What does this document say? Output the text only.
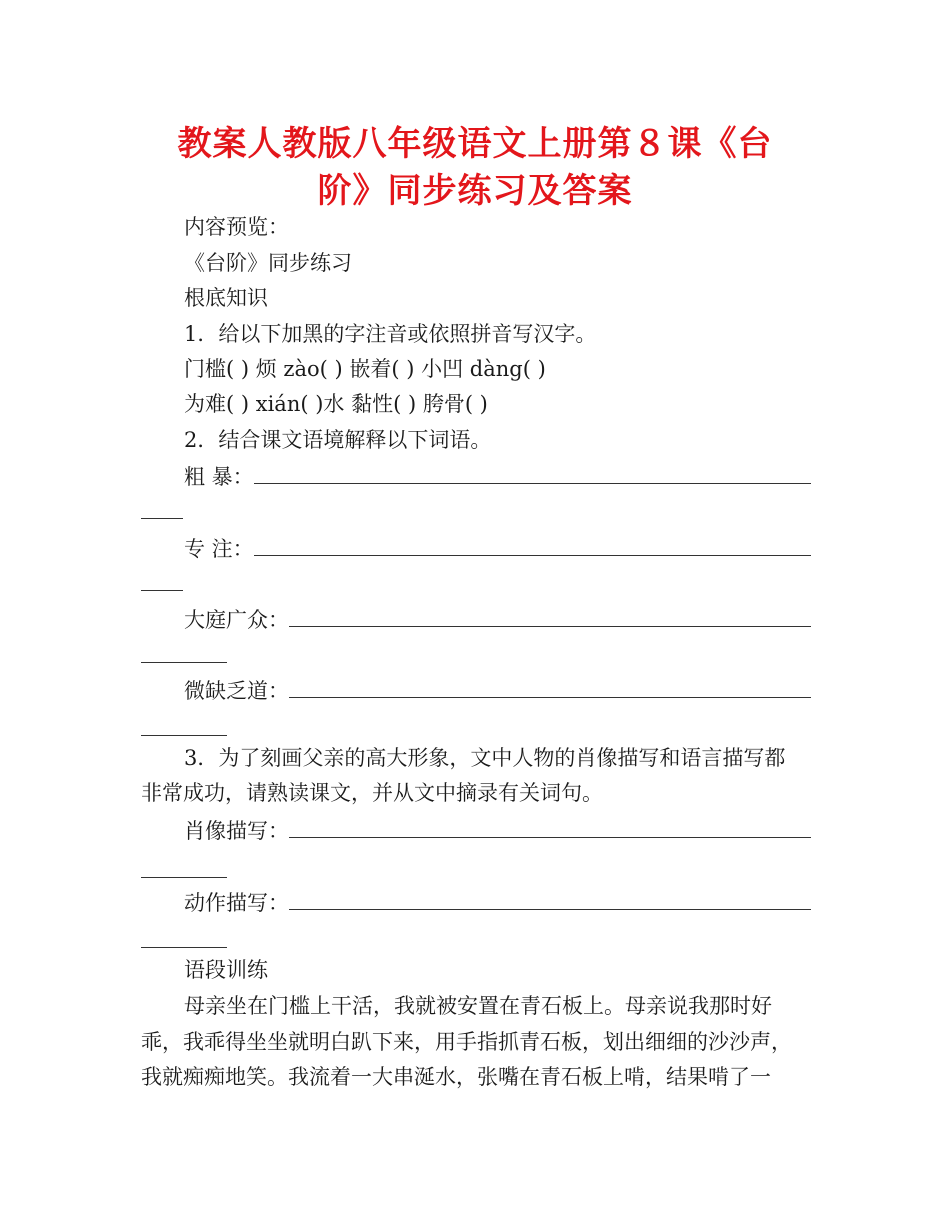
教案人教版八年级语文上册第８课《台
阶》同步练习及答案
内容预览：
《台阶》同步练习
根底知识
1．给以下加黑的字注音或依照拼音写汉字。
门槛( ) 烦 zào( ) 嵌着( ) 小凹 dàng( )
为难( ) xián( )水 黏性( ) 胯骨( )
2．结合课文语境解释以下词语。
粗 暴：
专 注：
大庭广众：
微缺乏道：
3．为了刻画父亲的高大形象，文中人物的肖像描写和语言描写都
非常成功，请熟读课文，并从文中摘录有关词句。
肖像描写：
动作描写：
语段训练
母亲坐在门槛上干活，我就被安置在青石板上。母亲说我那时好
乖，我乖得坐坐就明白趴下来，用手指抓青石板，划出细细的沙沙声，
我就痴痴地笑。我流着一大串涎水，张嘴在青石板上啃，结果啃了一
